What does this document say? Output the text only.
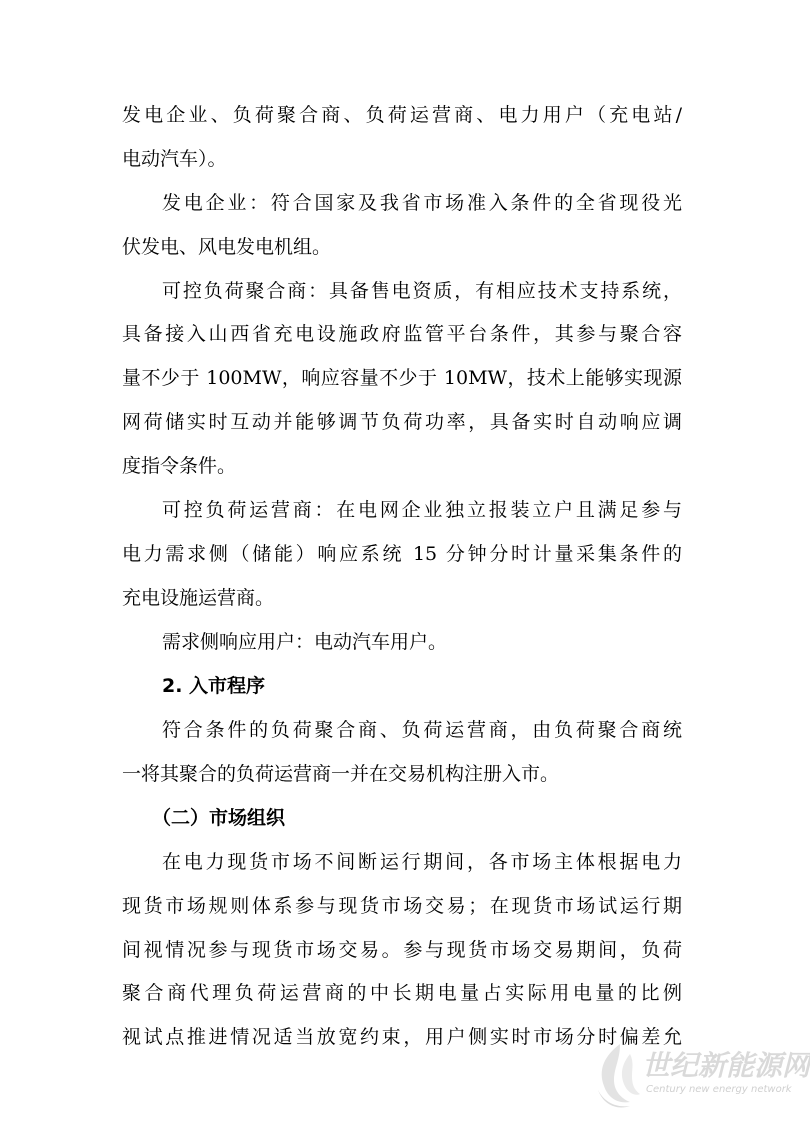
发电企业、负荷聚合商、负荷运营商、电力用户（充电站/
电动汽车）。
发电企业：符合国家及我省市场准入条件的全省现役光
伏发电、风电发电机组。
可控负荷聚合商：具备售电资质，有相应技术支持系统，
具备接入山西省充电设施政府监管平台条件，其参与聚合容
量不少于 100MW，响应容量不少于 10MW，技术上能够实现源
网荷储实时互动并能够调节负荷功率，具备实时自动响应调
度指令条件。
可控负荷运营商：在电网企业独立报装立户且满足参与
电力需求侧（储能）响应系统 15 分钟分时计量采集条件的
充电设施运营商。
需求侧响应用户：电动汽车用户。
2. 入市程序
符合条件的负荷聚合商、负荷运营商，由负荷聚合商统
一将其聚合的负荷运营商一并在交易机构注册入市。
（二）市场组织
在电力现货市场不间断运行期间，各市场主体根据电力
现货市场规则体系参与现货市场交易；在现货市场试运行期
间视情况参与现货市场交易。参与现货市场交易期间，负荷
聚合商代理负荷运营商的中长期电量占实际用电量的比例
视试点推进情况适当放宽约束，用户侧实时市场分时偏差允
世纪新能源网
Century new energy network
